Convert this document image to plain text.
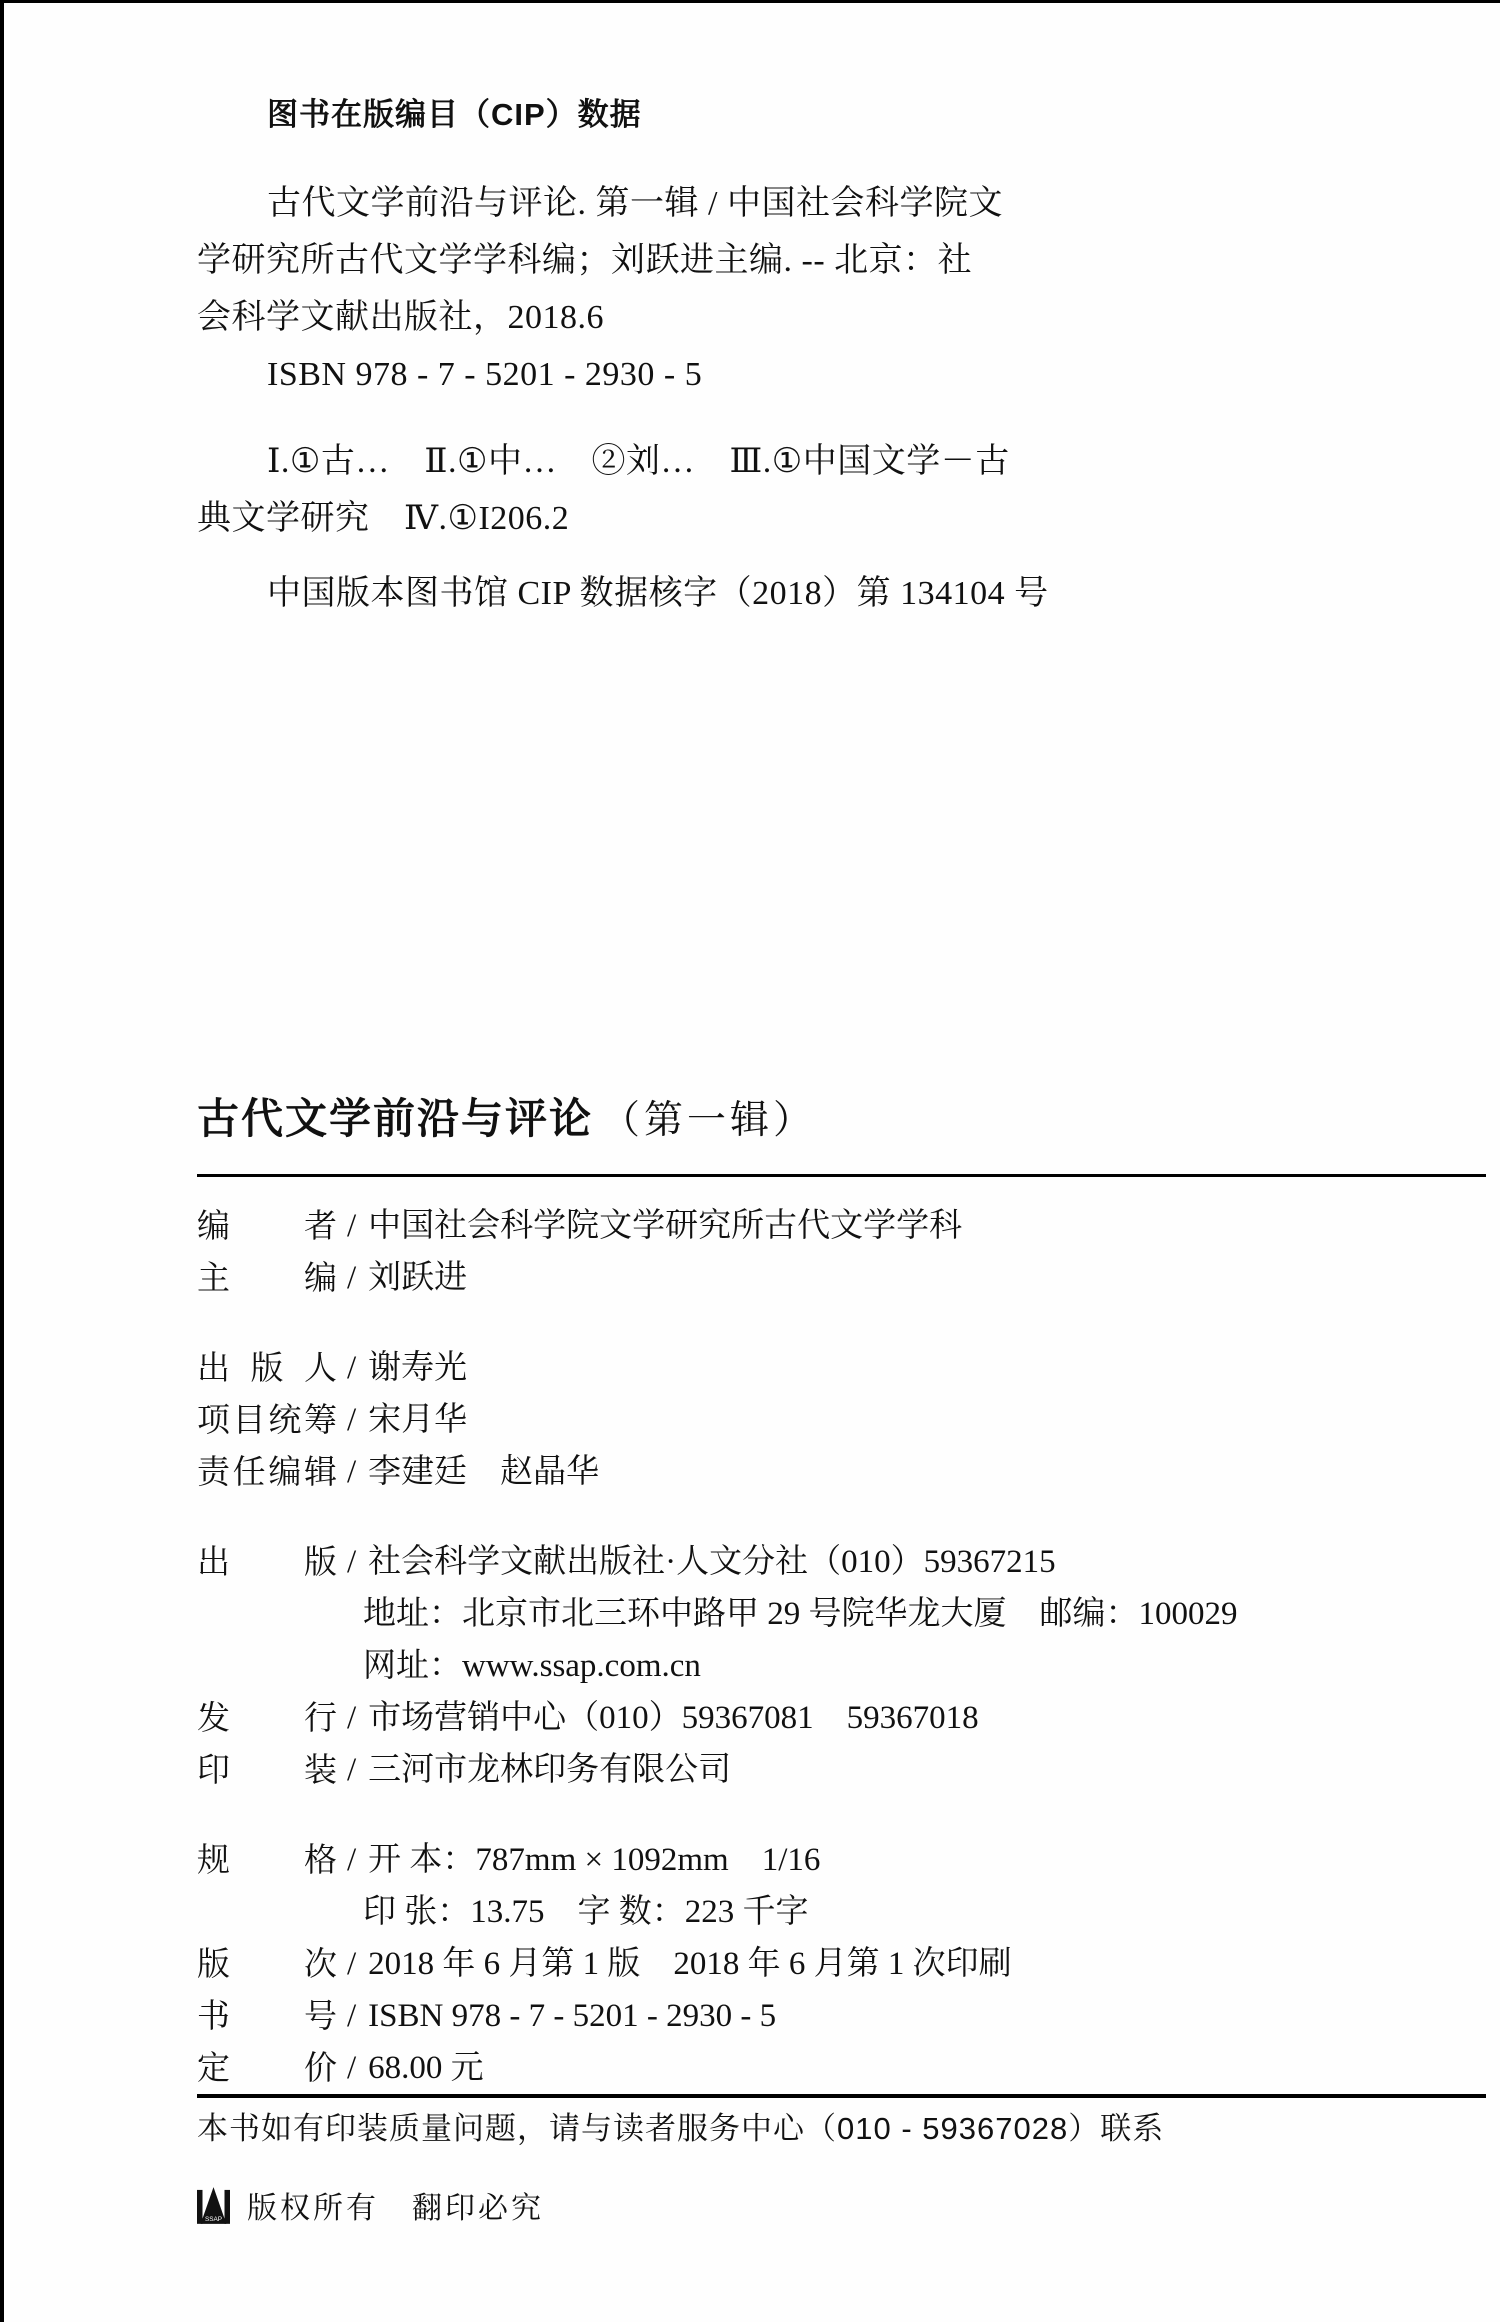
图书在版编目（CIP）数据

古代文学前沿与评论. 第一辑 / 中国社会科学院文

学研究所古代文学学科编；刘跃进主编. -- 北京：社

会科学文献出版社，2018.6

ISBN 978 - 7 - 5201 - 2930 - 5

Ⅰ.①古…　Ⅱ.①中…　②刘…　Ⅲ.①中国文学－古

典文学研究　Ⅳ.①I206.2

中国版本图书馆 CIP 数据核字（2018）第 134104 号

古代文学前沿与评论 （第一辑）
编者 / 中国社会科学院文学研究所古代文学学科
主编 / 刘跃进
出版人 / 谢寿光
项目统筹 / 宋月华
责任编辑 / 李建廷　赵晶华
出版 / 社会科学文献出版社·人文分社（010）59367215
地址：北京市北三环中路甲 29 号院华龙大厦　邮编：100029
网址：www.ssap.com.cn
发行 / 市场营销中心（010）59367081　59367018
印装 / 三河市龙林印务有限公司
规格 / 开 本：787mm × 1092mm　1/16
印 张：13.75　字 数：223 千字
版次 / 2018 年 6 月第 1 版　2018 年 6 月第 1 次印刷
书号 / ISBN 978 - 7 - 5201 - 2930 - 5
定价 / 68.00 元

本书如有印装质量问题，请与读者服务中心（010 - 59367028）联系

SSAP 版权所有　翻印必究
